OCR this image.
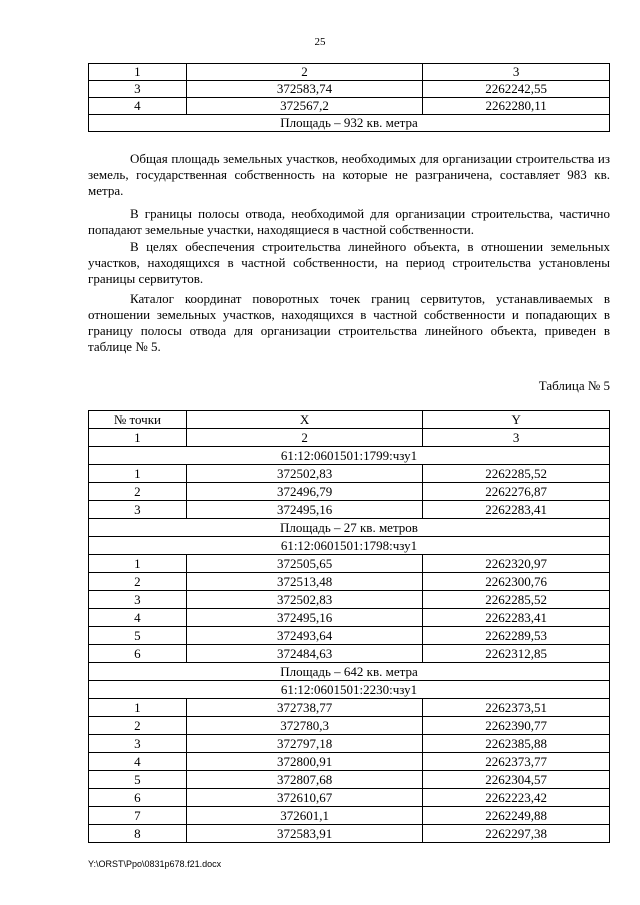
25
1	2	3
3	372583,74	2262242,55
4	372567,2	2262280,11
Площадь – 932 кв. метра		

Общая площадь земельных участков, необходимых для организации строительства из земель, государственная собственность на которые не разграничена, составляет 983 кв. метра.

В границы полосы отвода, необходимой для организации строительства, частично попадают земельные участки, находящиеся в частной собственности.

В целях обеспечения строительства линейного объекта, в отношении земельных участков, находящихся в частной собственности, на период строительства установлены границы сервитутов.

Каталог координат поворотных точек границ сервитутов, устанавливаемых в отношении земельных участков, находящихся в частной собственности и попадающих в границу полосы отвода для организации строительства линейного объекта, приведен в таблице № 5.

Таблица № 5
№ точки	X	Y
1	2	3
61:12:0601501:1799:чзу1		
1	372502,83	2262285,52
2	372496,79	2262276,87
3	372495,16	2262283,41
Площадь – 27 кв. метров		
61:12:0601501:1798:чзу1		
1	372505,65	2262320,97
2	372513,48	2262300,76
3	372502,83	2262285,52
4	372495,16	2262283,41
5	372493,64	2262289,53
6	372484,63	2262312,85
Площадь – 642 кв. метра		
61:12:0601501:2230:чзу1		
1	372738,77	2262373,51
2	372780,3	2262390,77
3	372797,18	2262385,88
4	372800,91	2262373,77
5	372807,68	2262304,57
6	372610,67	2262223,42
7	372601,1	2262249,88
8	372583,91	2262297,38
Y:\ORST\Ppo\0831p678.f21.docx
